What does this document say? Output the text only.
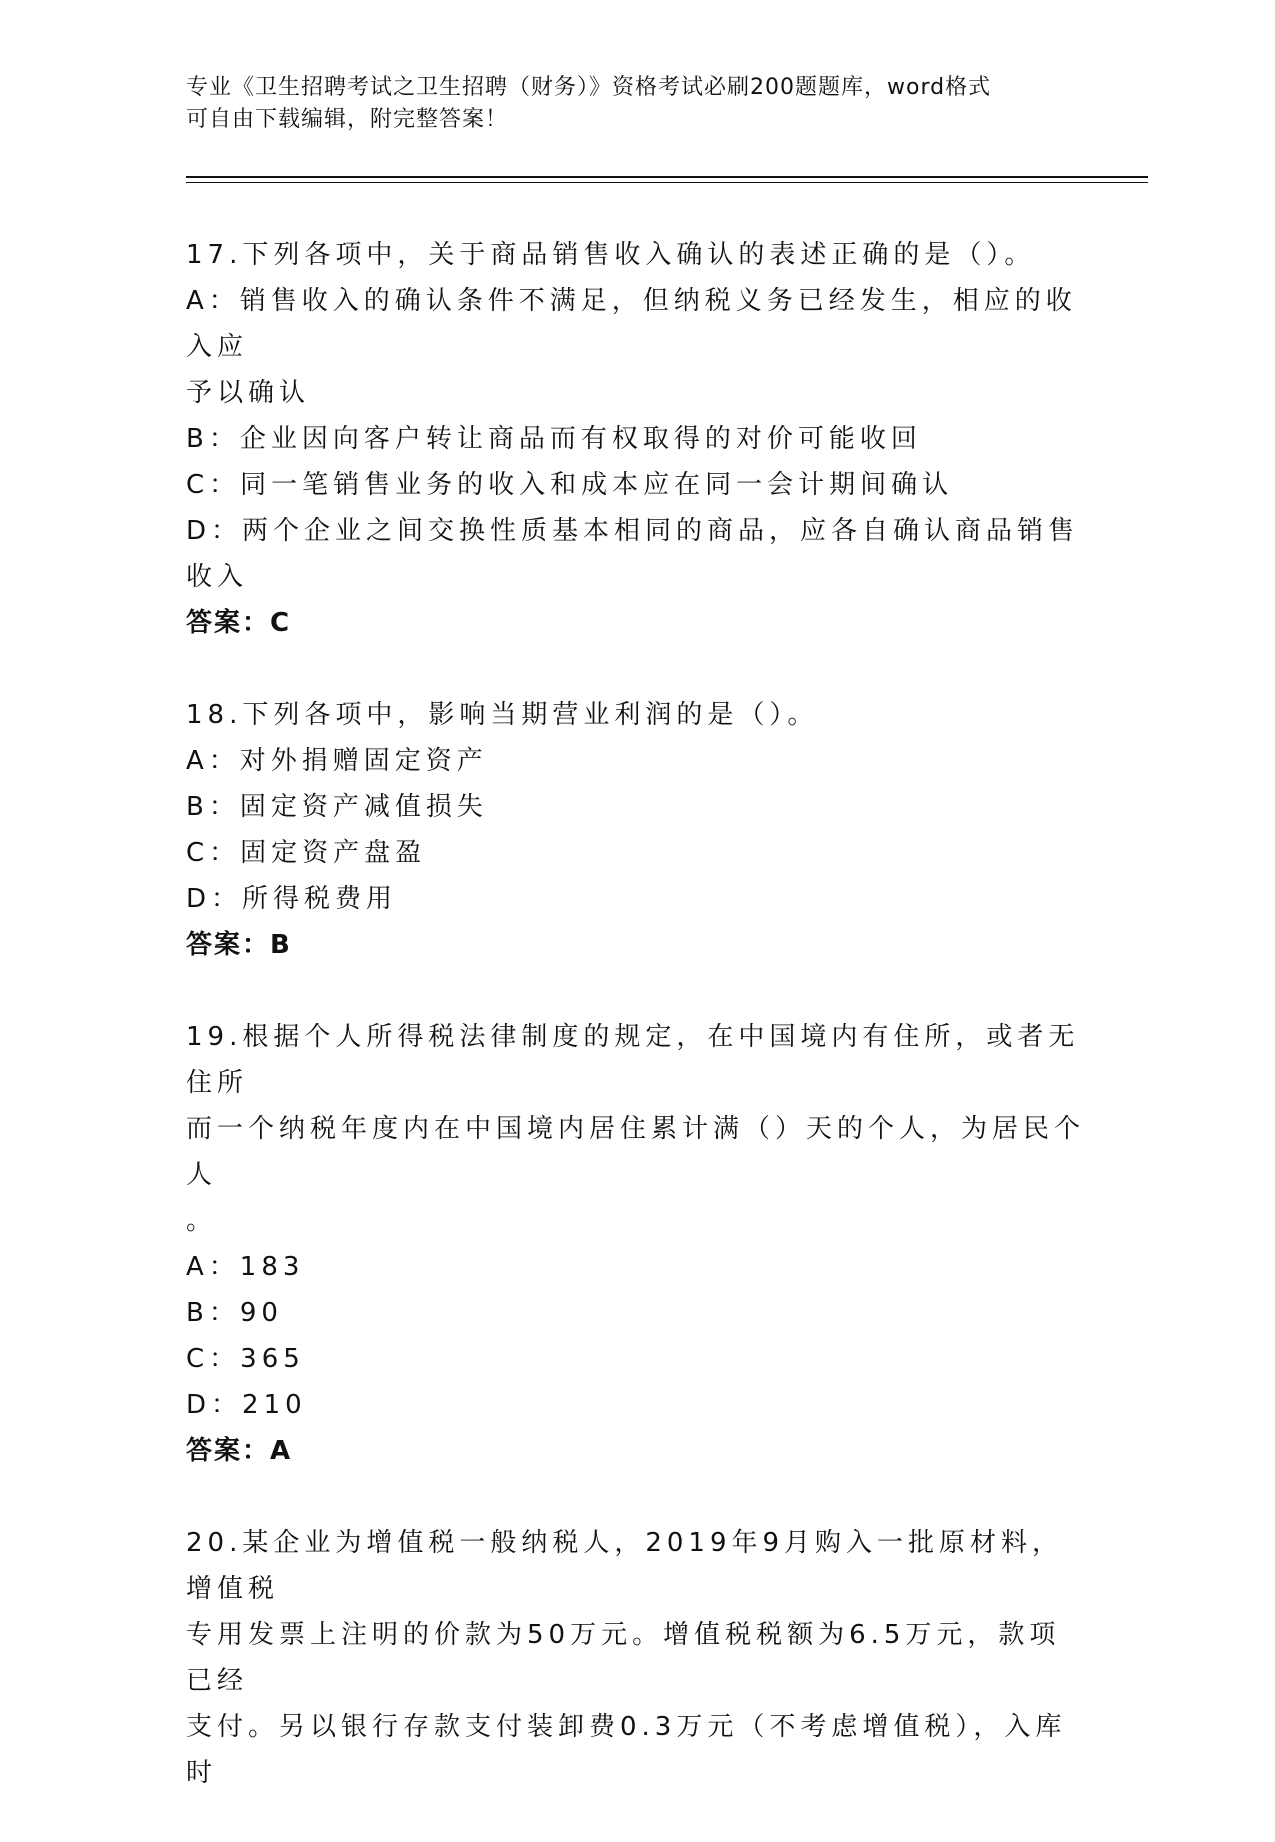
专业《卫生招聘考试之卫生招聘（财务）》资格考试必刷200题题库，word格式
可自由下载编辑，附完整答案！
17.下列各项中，关于商品销售收入确认的表述正确的是（）。
A：销售收入的确认条件不满足，但纳税义务已经发生，相应的收入应
予以确认
B：企业因向客户转让商品而有权取得的对价可能收回
C：同一笔销售业务的收入和成本应在同一会计期间确认
D：两个企业之间交换性质基本相同的商品，应各自确认商品销售收入
答案：C
18.下列各项中，影响当期营业利润的是（）。
A：对外捐赠固定资产
B：固定资产减值损失
C：固定资产盘盈
D：所得税费用
答案：B
19.根据个人所得税法律制度的规定，在中国境内有住所，或者无住所
而一个纳税年度内在中国境内居住累计满（）天的个人，为居民个人
。
A：183
B：90
C：365
D：210
答案：A
20.某企业为增值税一般纳税人，2019年9月购入一批原材料，增值税
专用发票上注明的价款为50万元。增值税税额为6.5万元，款项已经
支付。另以银行存款支付装卸费0.3万元（不考虑增值税），入库时
